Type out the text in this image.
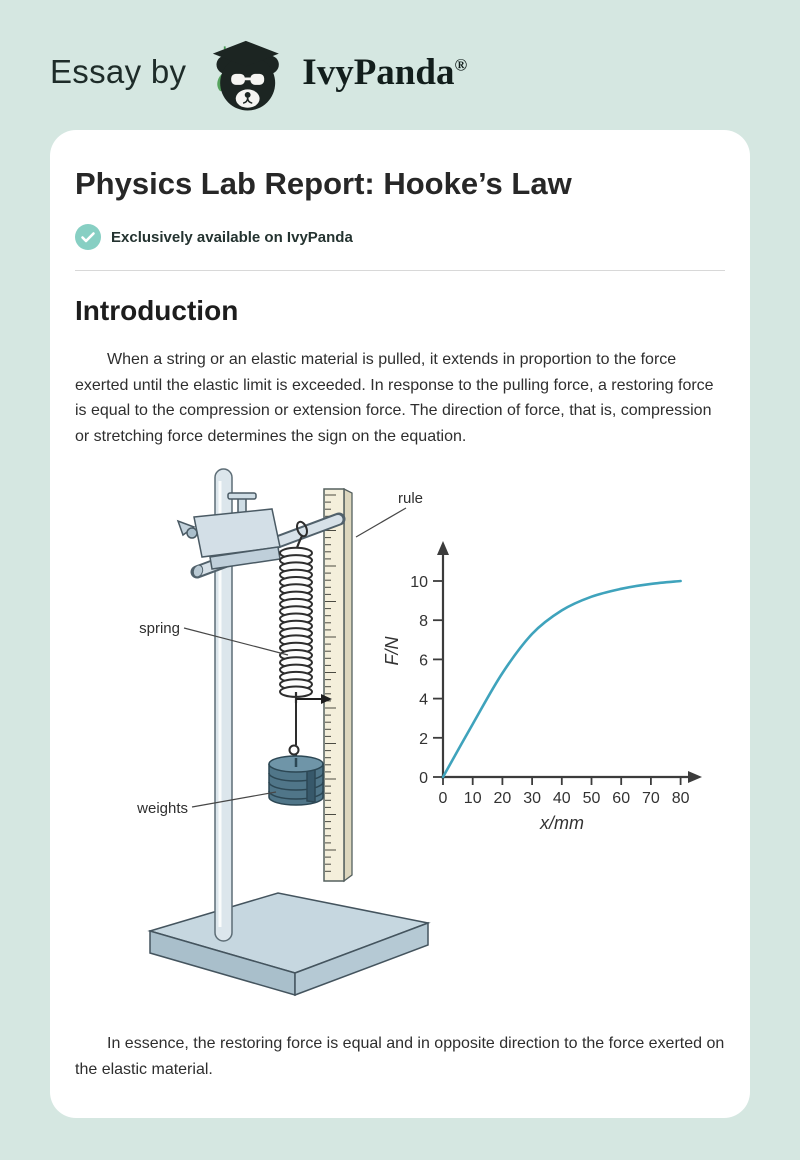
Essay by	IvyPanda®
Physics Lab Report: Hooke’s Law
Exclusively available on IvyPanda
Introduction

When a string or an elastic material is pulled, it extends in proportion to the force exerted until the elastic limit is exceeded. In response to the pulling force, a restoring force is equal to the compression or extension force. The direction of force, that is, compression or stretching force determines the sign on the equation.

spring
rule
weights
0
2
4
6
8
10
0 10 20 30 40 50 60 70 80
F/N
x/mm

In essence, the restoring force is equal and in opposite direction to the force exerted on the elastic material.
